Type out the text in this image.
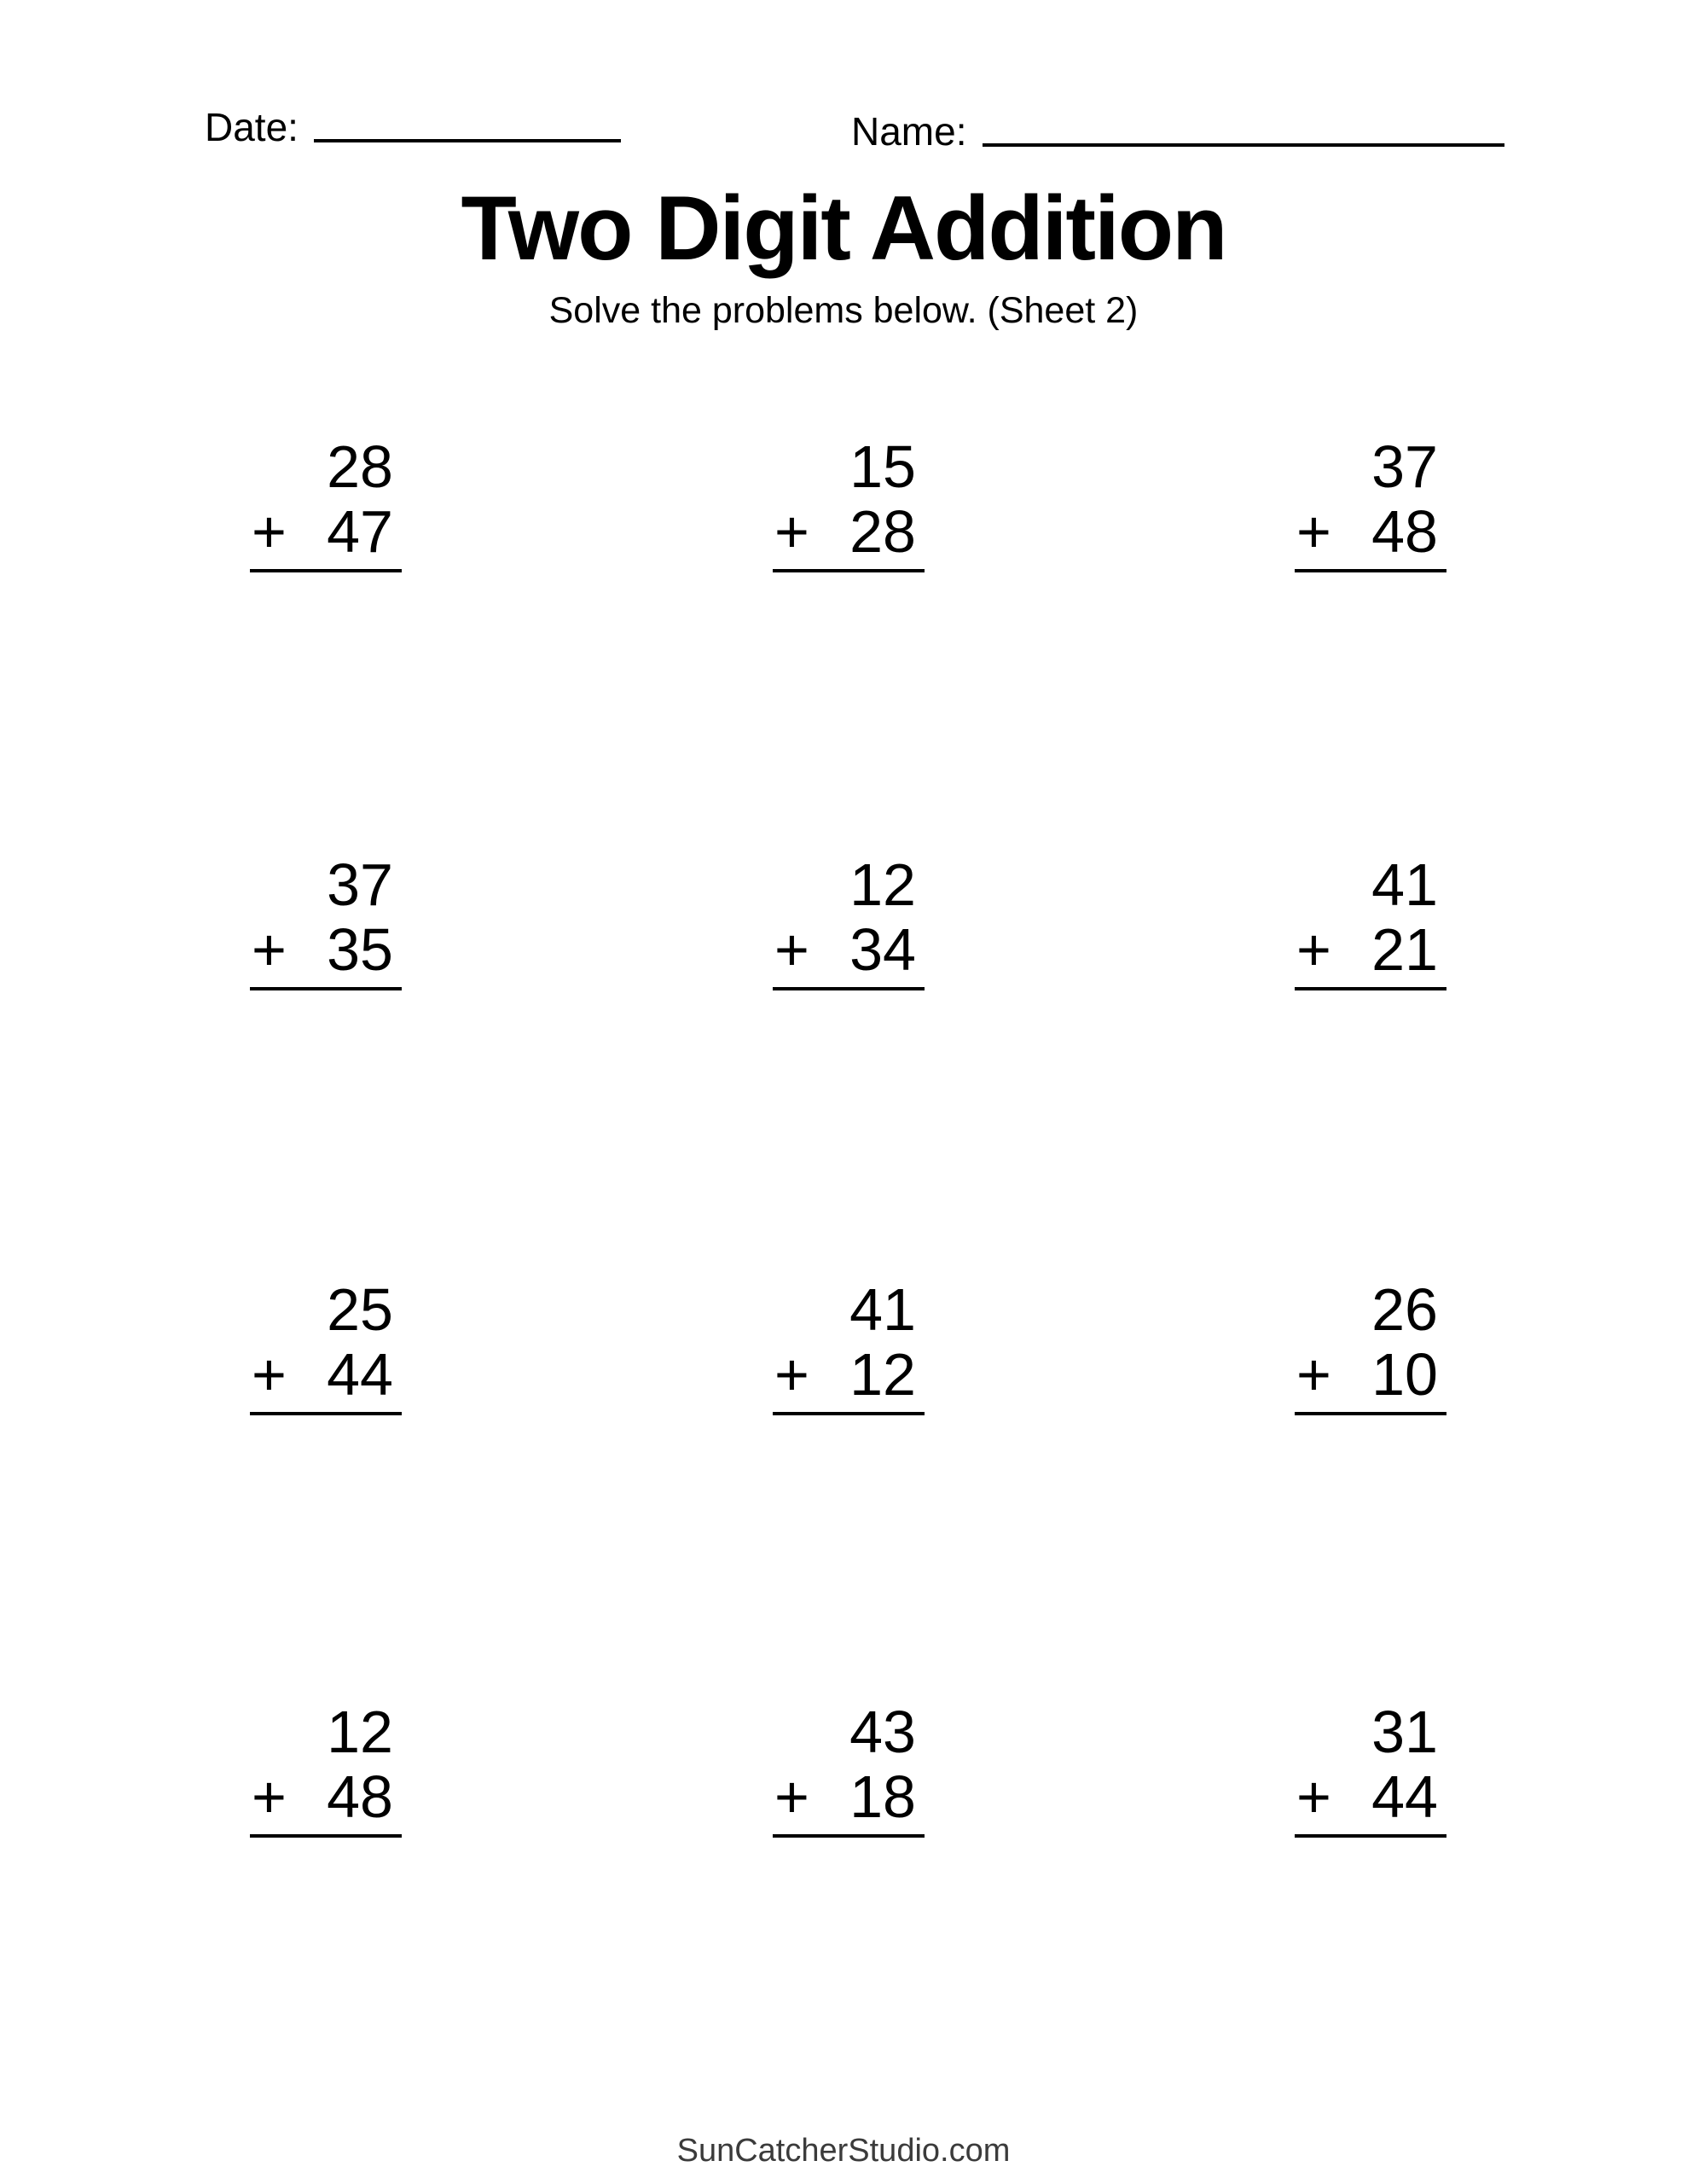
Date:	Name:
Two Digit Addition
Solve the problems below. (Sheet 2)
28
+ 47
15
+ 28
37
+ 48
37
+ 35
12
+ 34
41
+ 21
25
+ 44
41
+ 12
26
+ 10
12
+ 48
43
+ 18
31
+ 44
SunCatcherStudio.com
